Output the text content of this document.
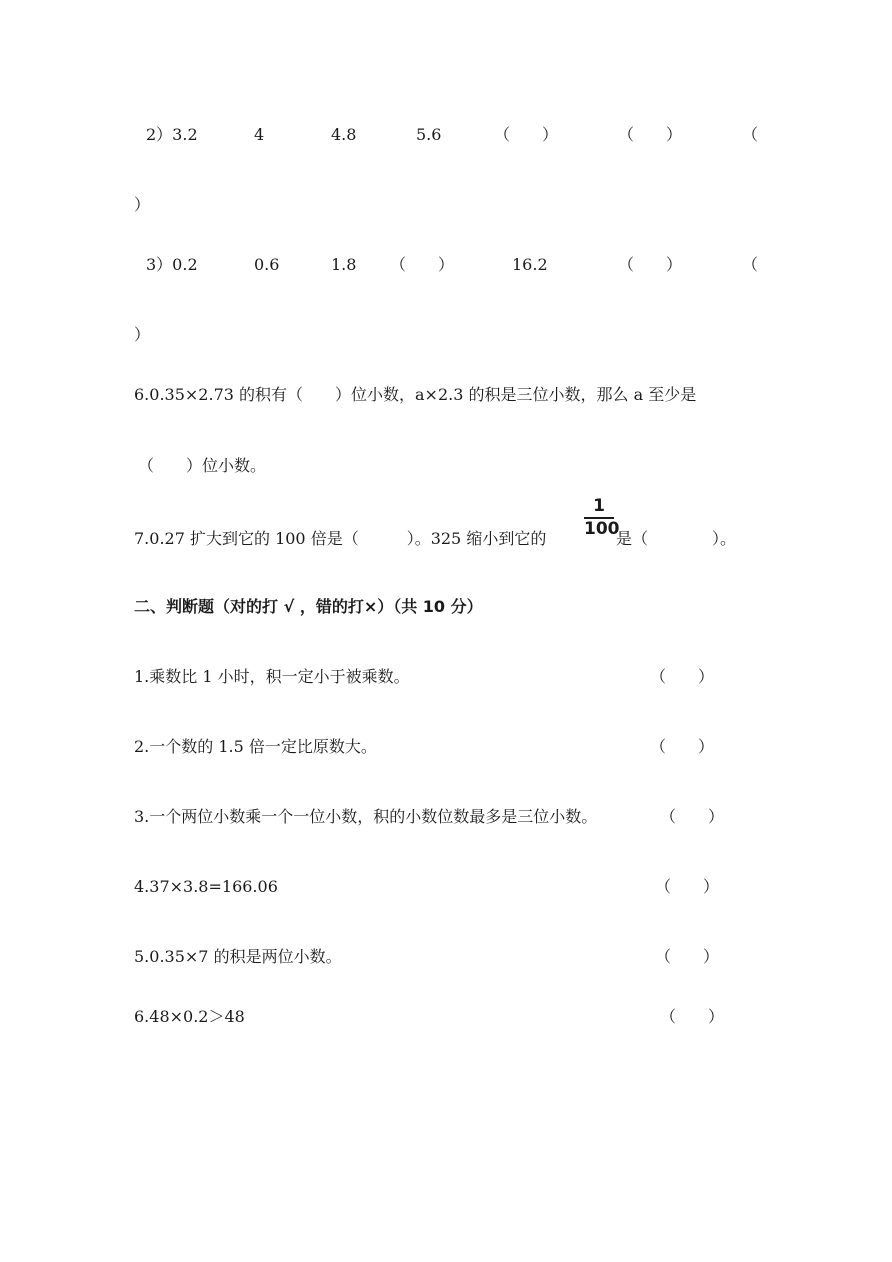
2）3.2	4	4.8	5.6	（　　）	（　　）	（
）
3）0.2	0.6	1.8 （　　）	16.2	（　　）	（
）
6.0.35×2.73 的积有（　　）位小数，a×2.3 的积是三位小数，那么 a 至少是
（　　）位小数。
7.0.27 扩大到它的 100 倍是（　　　）。325 缩小到它的
1
100
是（　　　　）。
二、判断题（对的打 √ ，错的打×）（共 10 分）
1.乘数比 1 小时，积一定小于被乘数。	（　　）
2.一个数的 1.5 倍一定比原数大。	（　　）
3.一个两位小数乘一个一位小数，积的小数位数最多是三位小数。	（　　）
4.37×3.8=166.06	（　　）
5.0.35×7 的积是两位小数。	（　　）
6.48×0.2＞48	（　　）
